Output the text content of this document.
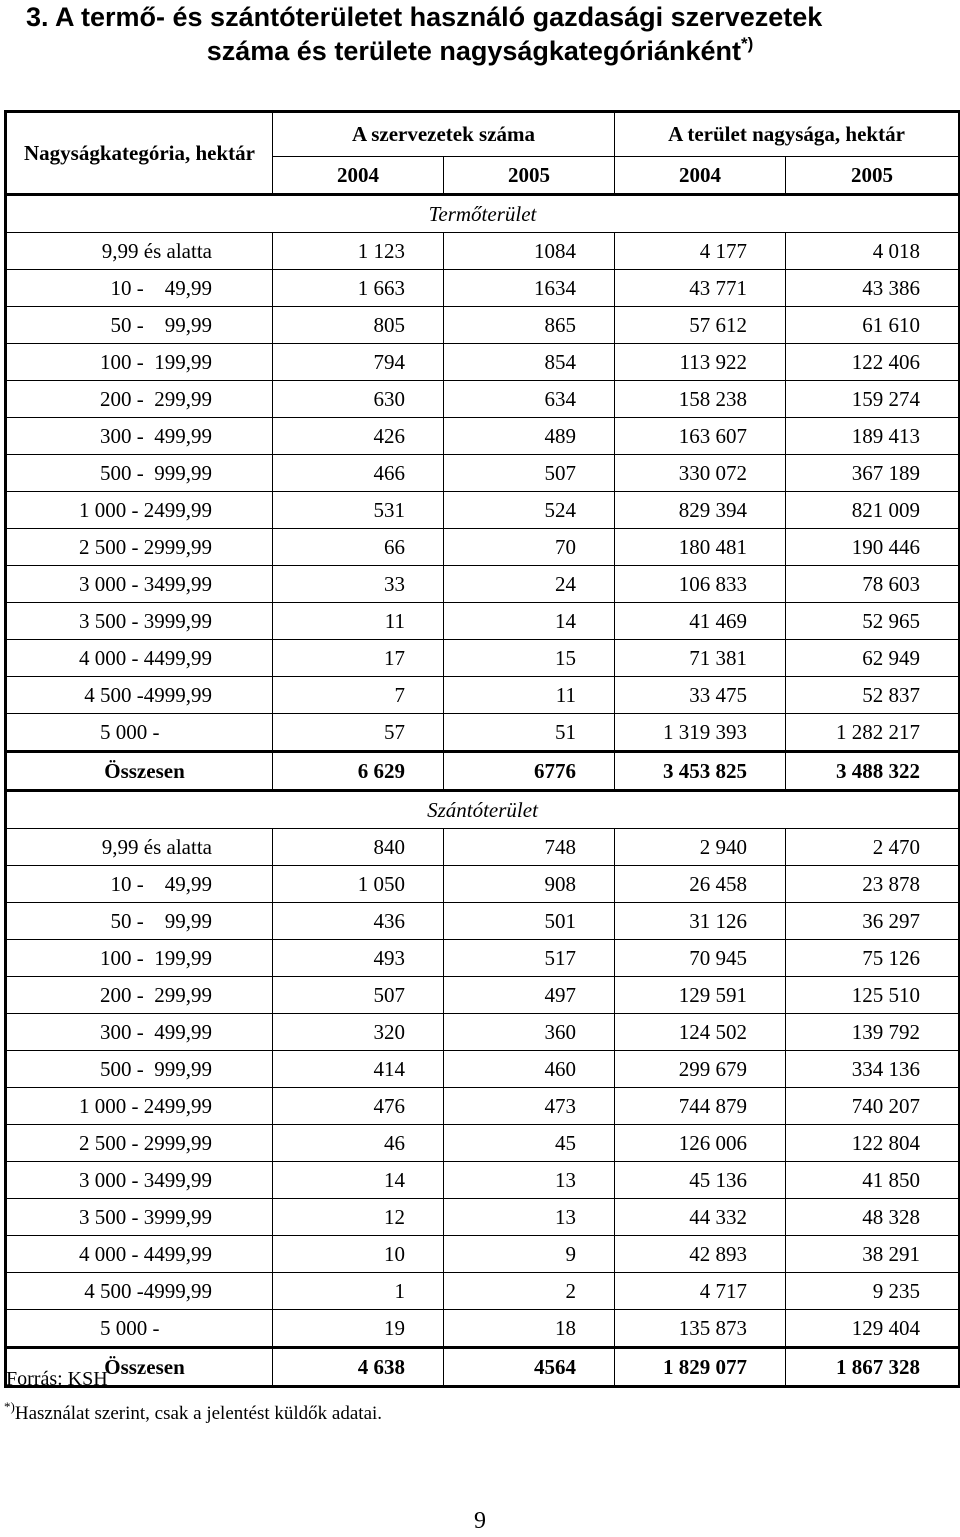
3. A termő- és szántóterületet használó gazdasági szervezetek
száma és területe nagyságkategóriánként*)
Nagyságkategória, hektár	A szervezetek száma		A terület nagysága, hektár	
	2004	2005	2004	2005
Termőterület				
9,99 és alatta	1 123	1084	4 177	4 018
10 -    49,99	1 663	1634	43 771	43 386
50 -    99,99	805	865	57 612	61 610
100 -  199,99	794	854	113 922	122 406
200 -  299,99	630	634	158 238	159 274
300 -  499,99	426	489	163 607	189 413
500 -  999,99	466	507	330 072	367 189
1 000 - 2499,99	531	524	829 394	821 009
2 500 - 2999,99	66	70	180 481	190 446
3 000 - 3499,99	33	24	106 833	78 603
3 500 - 3999,99	11	14	41 469	52 965
4 000 - 4499,99	17	15	71 381	62 949
4 500 -4999,99	7	11	33 475	52 837
5 000 -	57	51	1 319 393	1 282 217
Összesen	6 629	6776	3 453 825	3 488 322
Szántóterület				
9,99 és alatta	840	748	2 940	2 470
10 -    49,99	1 050	908	26 458	23 878
50 -    99,99	436	501	31 126	36 297
100 -  199,99	493	517	70 945	75 126
200 -  299,99	507	497	129 591	125 510
300 -  499,99	320	360	124 502	139 792
500 -  999,99	414	460	299 679	334 136
1 000 - 2499,99	476	473	744 879	740 207
2 500 - 2999,99	46	45	126 006	122 804
3 000 - 3499,99	14	13	45 136	41 850
3 500 - 3999,99	12	13	44 332	48 328
4 000 - 4499,99	10	9	42 893	38 291
4 500 -4999,99	1	2	4 717	9 235
5 000 -	19	18	135 873	129 404
Összesen	4 638	4564	1 829 077	1 867 328
Forrás: KSH
*)Használat szerint, csak a jelentést küldők adatai.
9
